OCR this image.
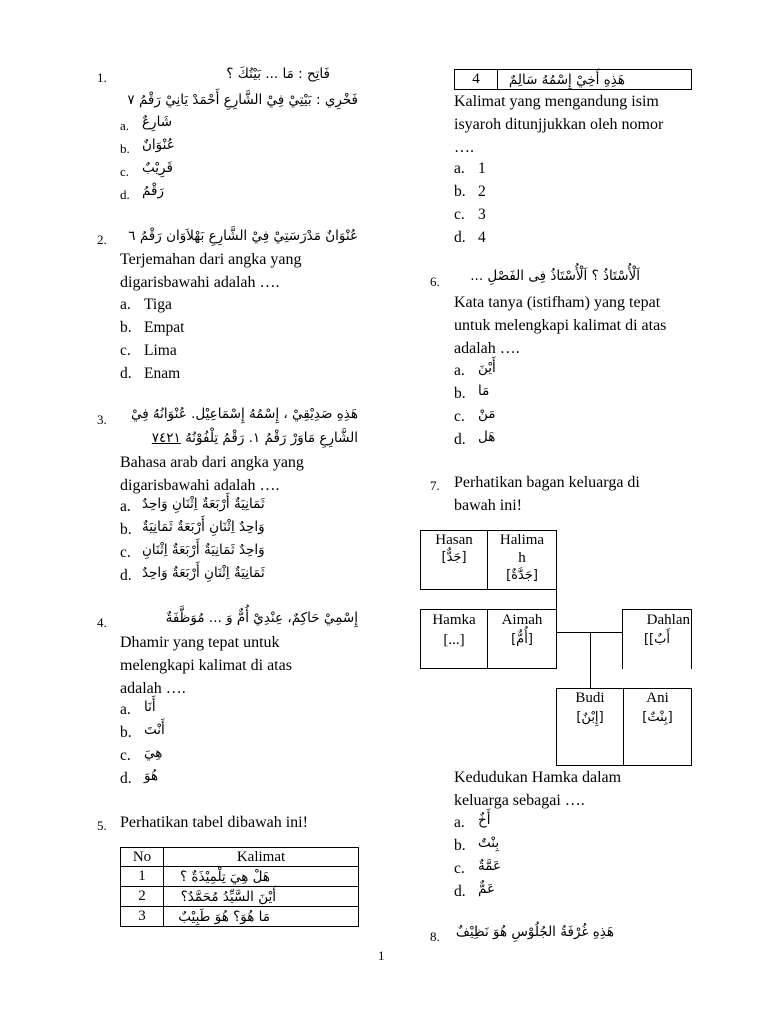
1.	فَاتِح : مَا ... بَيْتُكَ ؟
فَخْرِي : بَيْتِيْ فِيْ الشَّارِعِ أَحْمَدْ يَانِيْ رَقْمُ ٧
a. شَارِعٌ
b. عُنْوَانٌ
c. قَرِيْبٌ
d. رَقْمُ
2.	عُنْوَانٌ مَدْرَسَتِيْ فِيْ الشَّارِعِ بَهْلاَوَان رَقْمُ ٦
Terjemahan dari angka yang
digarisbawahi adalah ….
a. Tiga
b. Empat
c. Lima
d. Enam
3.	هَذِهِ صَدِيْقِيْ ، إِسْمُهُ إِسْمَاعِيْل. عُنْوَانُهُ فِيْ
الشَّارِعِ مَاوَرْ رَقْمُ ١. رَقْمُ تِلْفُوْنُهُ ٧٤٢١
Bahasa arab dari angka yang
digarisbawahi adalah ….
a. ثَمَانِيَةٌ أَرْبَعَةٌ اِثْنَانِ وَاحِدٌ
b. وَاحِدٌ اِثْنَانِ أَرْبَعَةٌ ثَمَانِيَةٌ
c. وَاحِدٌ ثَمَانِيَةٌ أَرْبَعَةٌ اِثْنَانِ
d. ثَمَانِيَةٌ اِثْنَانِ أَرْبَعَةٌ وَاحِدٌ
4.	إِسْمِيْ حَاكِمٌ، عِنْدِيْ أُمٌّ وَ ... مُوَظَّفَةٌ
Dhamir yang tepat untuk
melengkapi kalimat di atas
adalah ….
a. أَنَا
b. أَنْتَ
c. هِيَ
d. هُوَ
5. Perhatikan tabel dibawah ini!
No	Kalimat
1	هَلْ هِيَ تِلْمِيْذَةٌ ؟
2	أَيْنَ السَّيِّدُ مُحَمَّدٌ؟
3	مَا هُوَ؟ هُوَ طَبِيْبٌ
4	هَذِهِ أَخِيْ إِسْمُهُ سَالِمٌ
Kalimat yang mengandung isim
isyaroh ditunjjukkan oleh nomor
….
a. 1
b. 2
c. 3
d. 4
6.	اَلْأُسْتَاذُ ؟ اَلْأُسْتَاذُ فِى الفَصْلِ ...
Kata tanya (istifham) yang tepat
untuk melengkapi kalimat di atas
adalah ….
a. أَيْنَ
b. مَا
c. مَنْ
d. هَل
7. Perhatikan bagan keluarga di
bawah ini!
Hasan
[جَدٌّ]
Halima
h
[جَدَّةٌ]
Hamka
[...]
Aimah
[أُمٌّ]
Dahlan
[[أَبٌ
Budi
[إِبْنٌ]
Ani
[بِنْتٌ]
Kedudukan Hamka dalam
keluarga sebagai ….
a. أَخٌ
b. بِنْتٌ
c. عَمَّةٌ
d. عَمٌّ
8.	هَذِهِ غُرْفَةُ الجُلُوْسِ هُوَ نَظِيْفٌ
1
